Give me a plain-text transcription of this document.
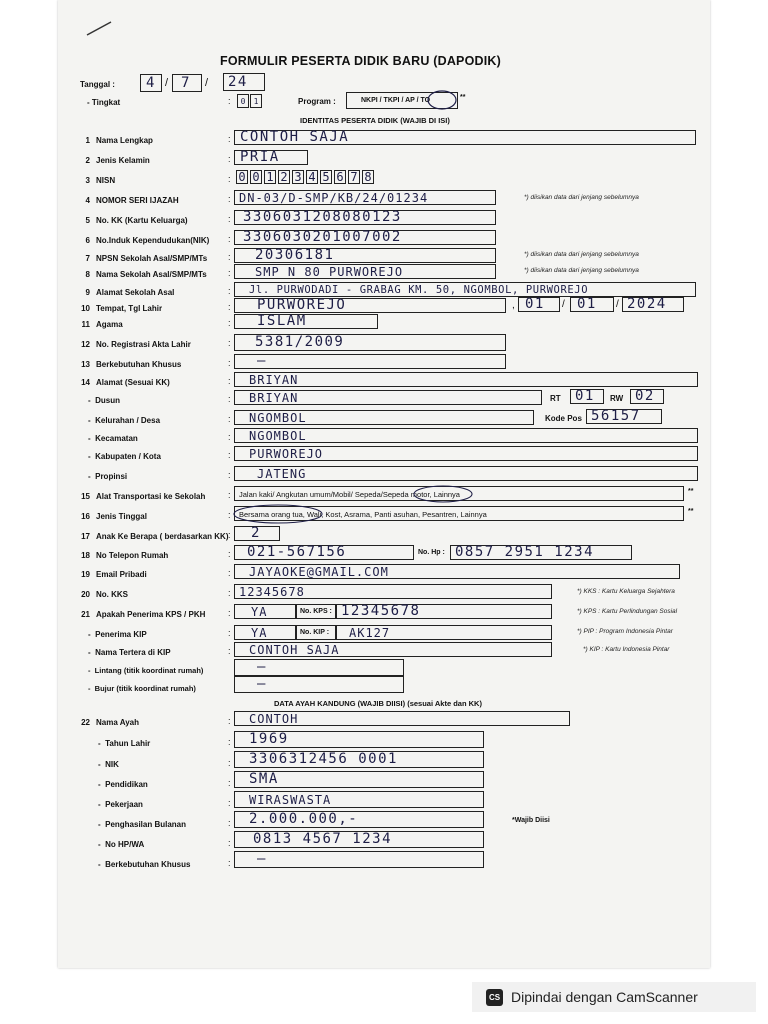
FORMULIR PESERTA DIDIK BARU (DAPODIK)
Tanggal : 4 / 7 / 24
- Tingkat	:	0	1	Program :	NKPI / TKPI / AP / TO	**
IDENTITAS PESERTA DIDIK (WAJIB DI ISI)
1 Nama Lengkap	: CONTOH SAJA
2 Jenis Kelamin	: PRIA
3 NISN	: 0 0 1 2 3 4 5 6 7 8
4 NOMOR SERI IJAZAH	: DN-03/D-SMP/KB/24/01234	*) diisikan data dari jenjang sebelumnya
5 No. KK (Kartu Keluarga)	: 3306031208080123
6 No.Induk Kependudukan(NIK) : 3306030201007002
7 NPSN Sekolah Asal/SMP/MTs : 20306181	*) diisikan data dari jenjang sebelumnya
8 Nama Sekolah Asal/SMP/MTs : SMP N 80 PURWOREJO	*) diisikan data dari jenjang sebelumnya
9 Alamat Sekolah Asal	: Jl. PURWODADI - GRABAG KM. 50, NGOMBOL, PURWOREJO
10 Tempat, Tgl Lahir	: PURWOREJO	, 01 / 01 / 2024
11 Agama	: ISLAM
12 No. Registrasi Akta Lahir	: 5381/2009
13 Berkebutuhan Khusus	: —
14 Alamat (Sesuai KK)	: BRIYAN
-  Dusun	: BRIYAN	RT 01 RW 02
-  Kelurahan / Desa	: NGOMBOL	Kode Pos 56157
-  Kecamatan	: NGOMBOL
-  Kabupaten / Kota	: PURWOREJO
-  Propinsi	: JATENG
15 Alat Transportasi ke Sekolah	: Jalan kaki/ Angkutan umum/Mobil/ Sepeda/Sepeda motor, Lainnya	**
16 Jenis Tinggal	: Bersama orang tua, Wali, Kost, Asrama, Panti asuhan, Pesantren, Lainnya	**
17 Anak Ke Berapa ( berdasarkan KK) : 2
18 No Telepon Rumah	: 021-567156	No. Hp : 0857 2951 1234
19 Email Pribadi	: JAYAOKE@GMAIL.COM
20 No. KKS	: 12345678	*) KKS : Kartu Keluarga Sejahtera
21 Apakah Penerima KPS / PKH	: YA	No. KPS : 12345678	*) KPS : Kartu Perlindungan Sosial
-  Penerima KIP	: YA	No. KIP : AK127	*) PIP : Program Indonesia Pintar
-  Nama Tertera di KIP	: CONTOH SAJA	*) KIP : Kartu Indonesia Pintar
-  Lintang (titik koordinat rumah)	—
-  Bujur (titik koordinat rumah)	—
DATA AYAH KANDUNG (WAJIB DIISI) (sesuai Akte dan KK)
22 Nama Ayah	: CONTOH
-  Tahun Lahir	: 1969
-  NIK	: 3306312456 0001
-  Pendidikan	: SMA
-  Pekerjaan	: WIRASWASTA
-  Penghasilan Bulanan	: 2.000.000,-	*Wajib Diisi
-  No HP/WA	: 0813 4567 1234
-  Berkebutuhan Khusus	: —
CS Dipindai dengan CamScanner
